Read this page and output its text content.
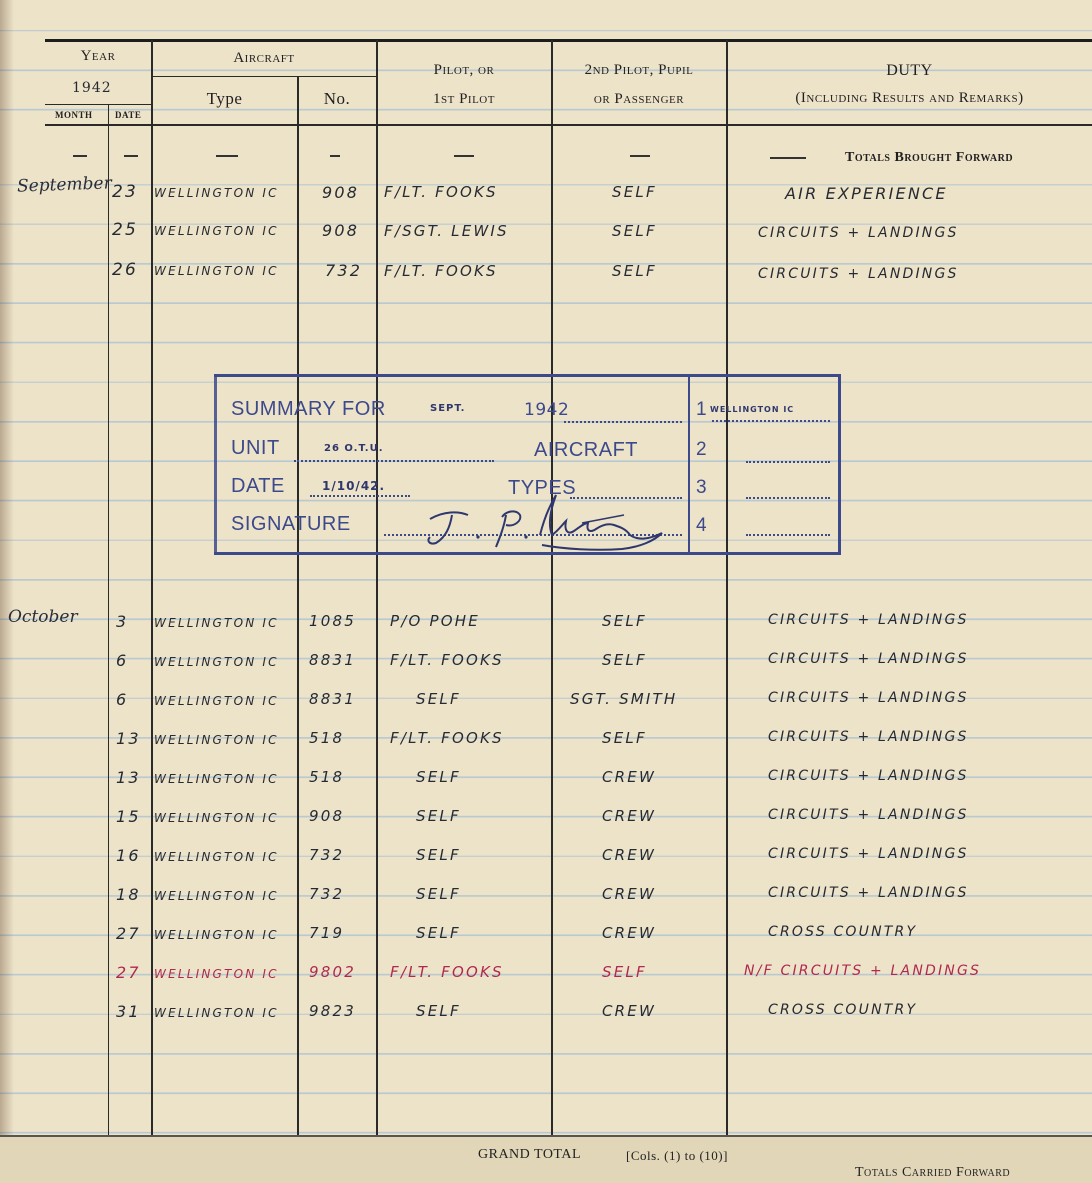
Year
1942
MONTH	DATE
Aircraft
Type	No.
Pilot, or
1st Pilot
2nd Pilot, Pupil
or Passenger
DUTY
(Including Results and Remarks)
Totals Brought Forward
September
October
23 WELLINGTON IC	908 F/LT. FOOKS	SELF	AIR EXPERIENCE
25 WELLINGTON IC	908 F/SGT. LEWIS	SELF	CIRCUITS + LANDINGS
26 WELLINGTON IC	732 F/LT. FOOKS	SELF	CIRCUITS + LANDINGS
SUMMARY FOR	SEPT.	1942
UNIT	26 O.T.U.	AIRCRAFT
DATE	1/10/42.	TYPES
SIGNATURE
1 WELLINGTON IC
2
3
4
3 WELLINGTON IC 1085 P/O POHE	SELF	CIRCUITS + LANDINGS
6 WELLINGTON IC 8831 F/LT. FOOKS	SELF	CIRCUITS + LANDINGS
6 WELLINGTON IC 8831	SELF	SGT. SMITH	CIRCUITS + LANDINGS
13 WELLINGTON IC 518	F/LT. FOOKS	SELF	CIRCUITS + LANDINGS
13 WELLINGTON IC 518	SELF	CREW	CIRCUITS + LANDINGS
15 WELLINGTON IC 908	SELF	CREW	CIRCUITS + LANDINGS
16 WELLINGTON IC 732	SELF	CREW	CIRCUITS + LANDINGS
18 WELLINGTON IC 732	SELF	CREW	CIRCUITS + LANDINGS
27 WELLINGTON IC 719	SELF	CREW	CROSS COUNTRY
27 WELLINGTON IC 9802 F/LT. FOOKS	SELF	N/F CIRCUITS + LANDINGS
31 WELLINGTON IC 9823	SELF	CREW	CROSS COUNTRY
GRAND TOTAL	[Cols. (1) to (10)]
Totals Carried Forward
